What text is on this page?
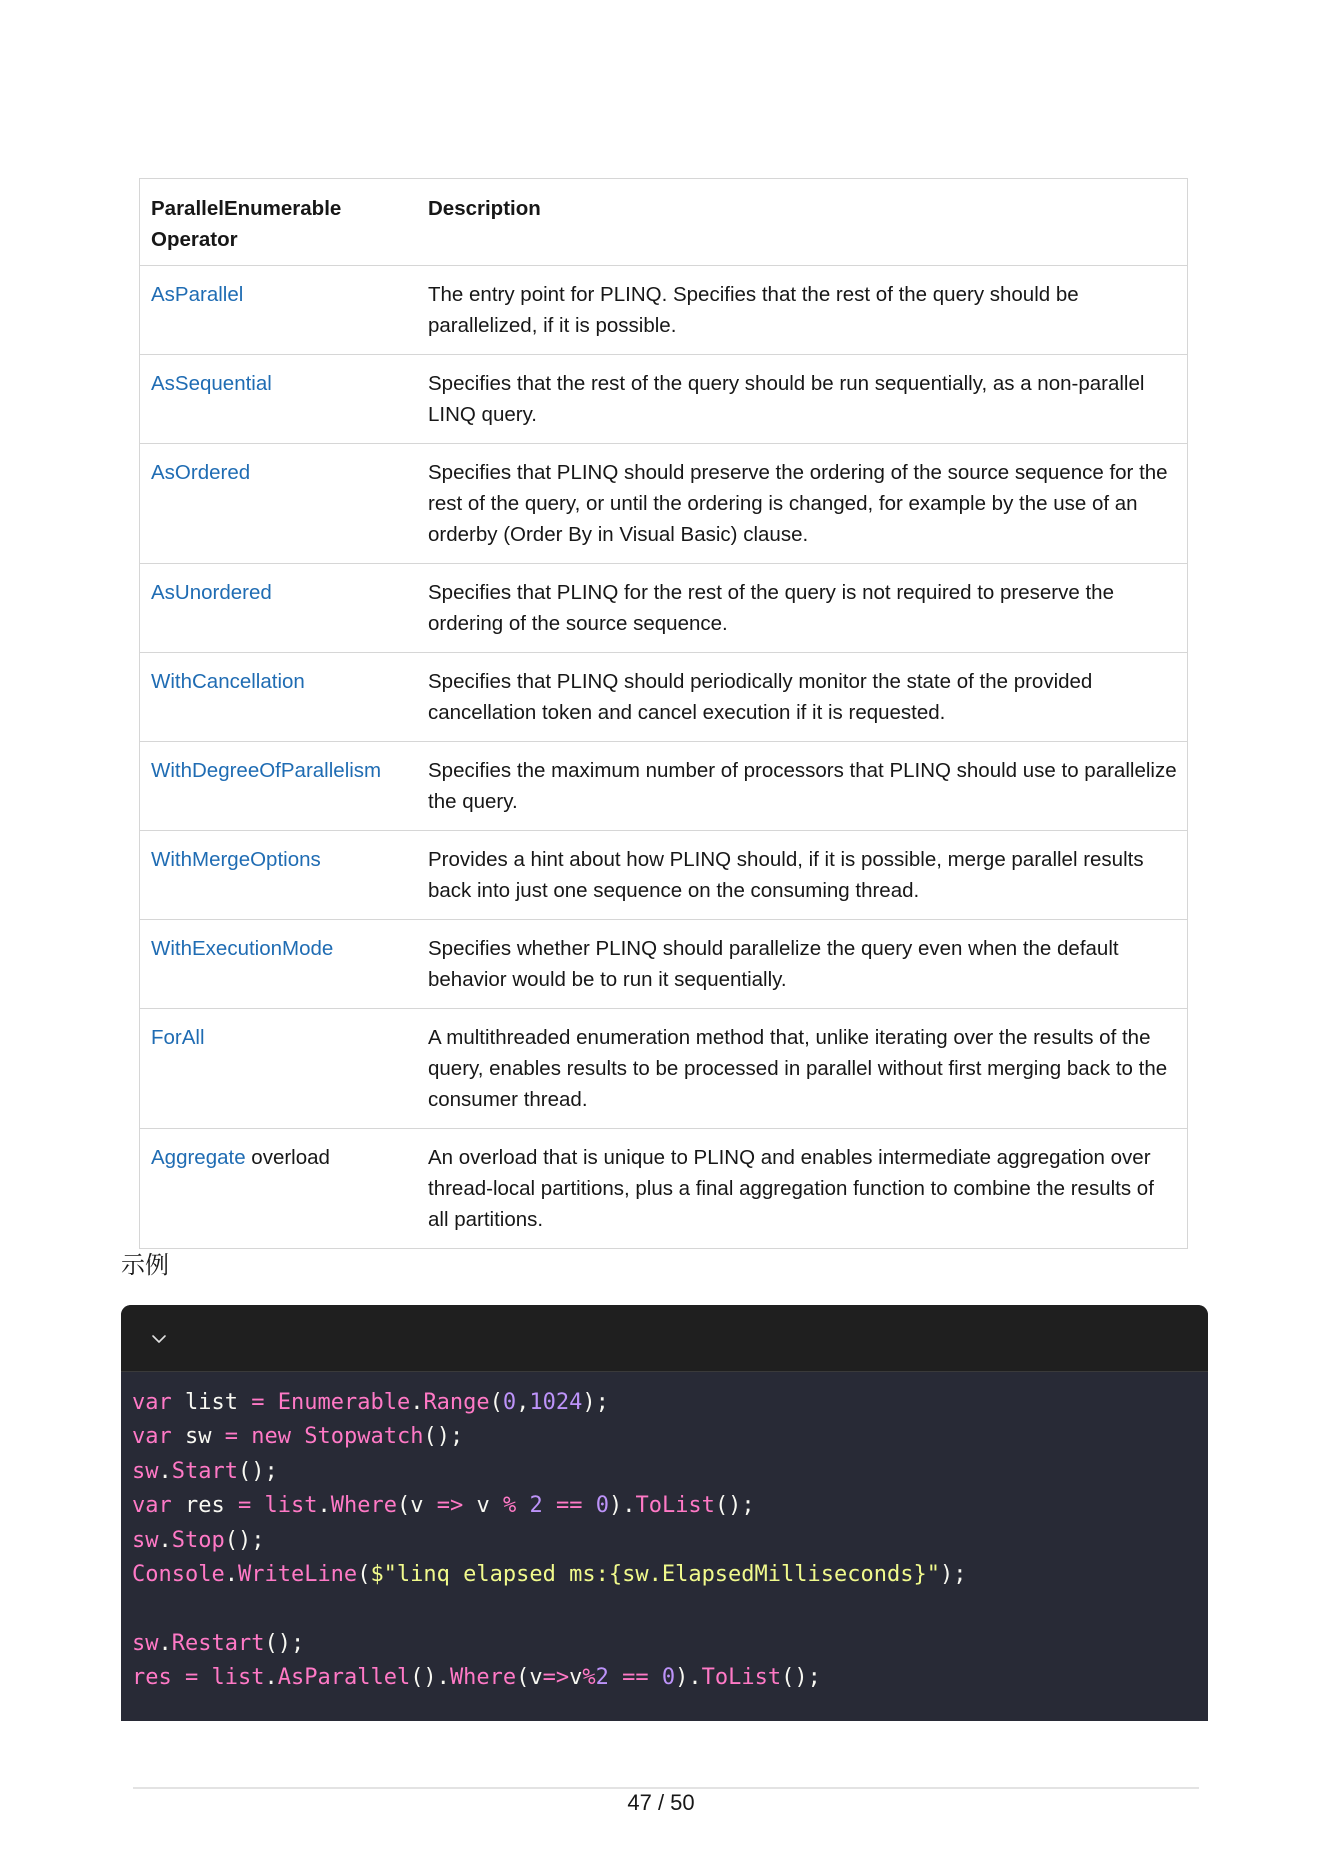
ParallelEnumerable Operator	Description
AsParallel	The entry point for PLINQ. Specifies that the rest of the query should be parallelized, if it is possible.
AsSequential	Specifies that the rest of the query should be run sequentially, as a non-parallel LINQ query.
AsOrdered	Specifies that PLINQ should preserve the ordering of the source sequence for the rest of the query, or until the ordering is changed, for example by the use of an orderby (Order By in Visual Basic) clause.
AsUnordered	Specifies that PLINQ for the rest of the query is not required to preserve the ordering of the source sequence.
WithCancellation	Specifies that PLINQ should periodically monitor the state of the provided cancellation token and cancel execution if it is requested.
WithDegreeOfParallelism	Specifies the maximum number of processors that PLINQ should use to parallelize the query.
WithMergeOptions	Provides a hint about how PLINQ should, if it is possible, merge parallel results back into just one sequence on the consuming thread.
WithExecutionMode	Specifies whether PLINQ should parallelize the query even when the default behavior would be to run it sequentially.
ForAll	A multithreaded enumeration method that, unlike iterating over the results of the query, enables results to be processed in parallel without first merging back to the consumer thread.
Aggregate overload	An overload that is unique to PLINQ and enables intermediate aggregation over thread-local partitions, plus a final aggregation function to combine the results of all partitions.
示例
var list = Enumerable.Range(0,1024);
var sw = new Stopwatch();
sw.Start();
var res = list.Where(v => v % 2 == 0).ToList();
sw.Stop();
Console.WriteLine($"linq elapsed ms:{sw.ElapsedMilliseconds}");
sw.Restart();
res = list.AsParallel().Where(v=>v%2 == 0).ToList();
47 / 50
